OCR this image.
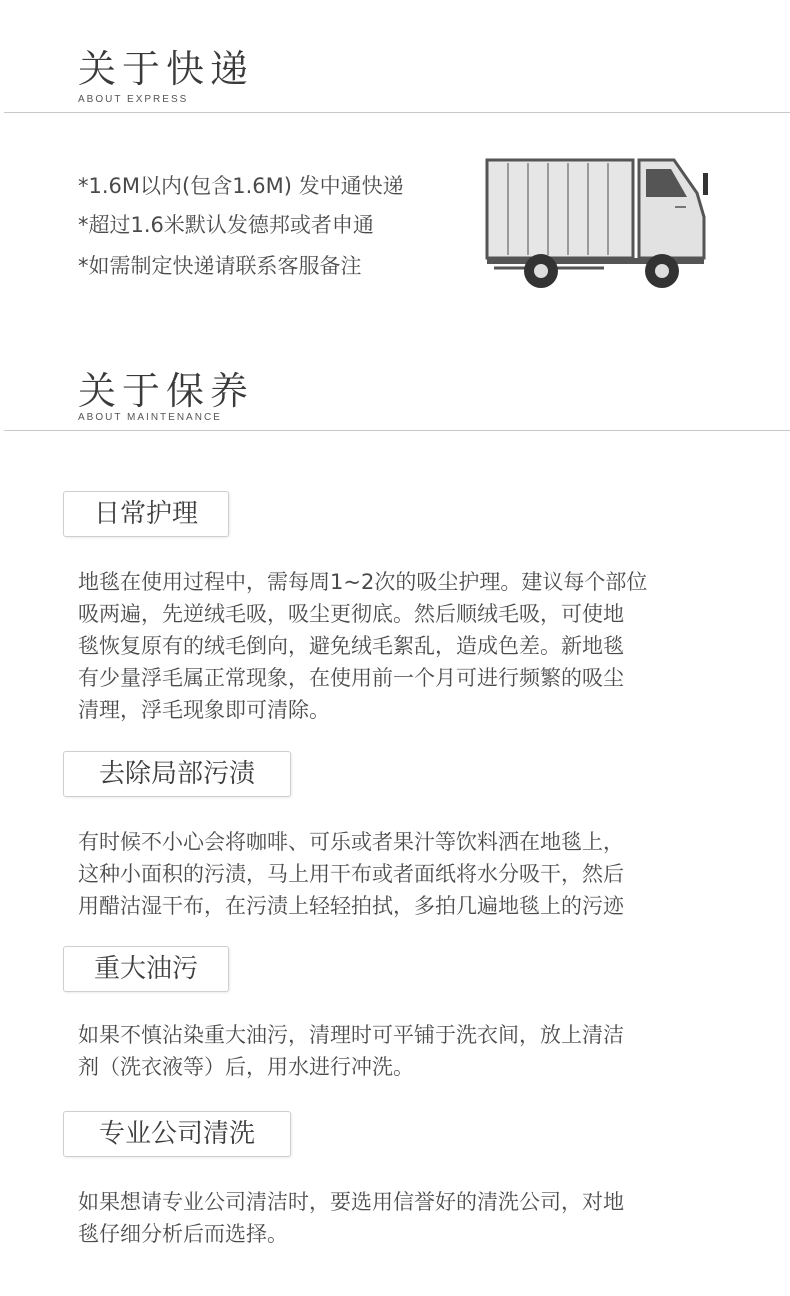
关于快递
ABOUT EXPRESS
*1.6M以内(包含1.6M) 发中通快递
*超过1.6米默认发德邦或者申通
*如需制定快递请联系客服备注
关于保养
ABOUT MAINTENANCE
日常护理
地毯在使用过程中，需每周1~2次的吸尘护理。建议每个部位
吸两遍，先逆绒毛吸，吸尘更彻底。然后顺绒毛吸，可使地
毯恢复原有的绒毛倒向，避免绒毛絮乱，造成色差。新地毯
有少量浮毛属正常现象，在使用前一个月可进行频繁的吸尘
清理，浮毛现象即可清除。
去除局部污渍
有时候不小心会将咖啡、可乐或者果汁等饮料洒在地毯上，
这种小面积的污渍，马上用干布或者面纸将水分吸干，然后
用醋沽湿干布，在污渍上轻轻拍拭，多拍几遍地毯上的污迹
重大油污
如果不慎沾染重大油污，清理时可平铺于洗衣间，放上清洁
剂（洗衣液等）后，用水进行冲洗。
专业公司清洗
如果想请专业公司清洁时，要选用信誉好的清洗公司，对地
毯仔细分析后而选择。
